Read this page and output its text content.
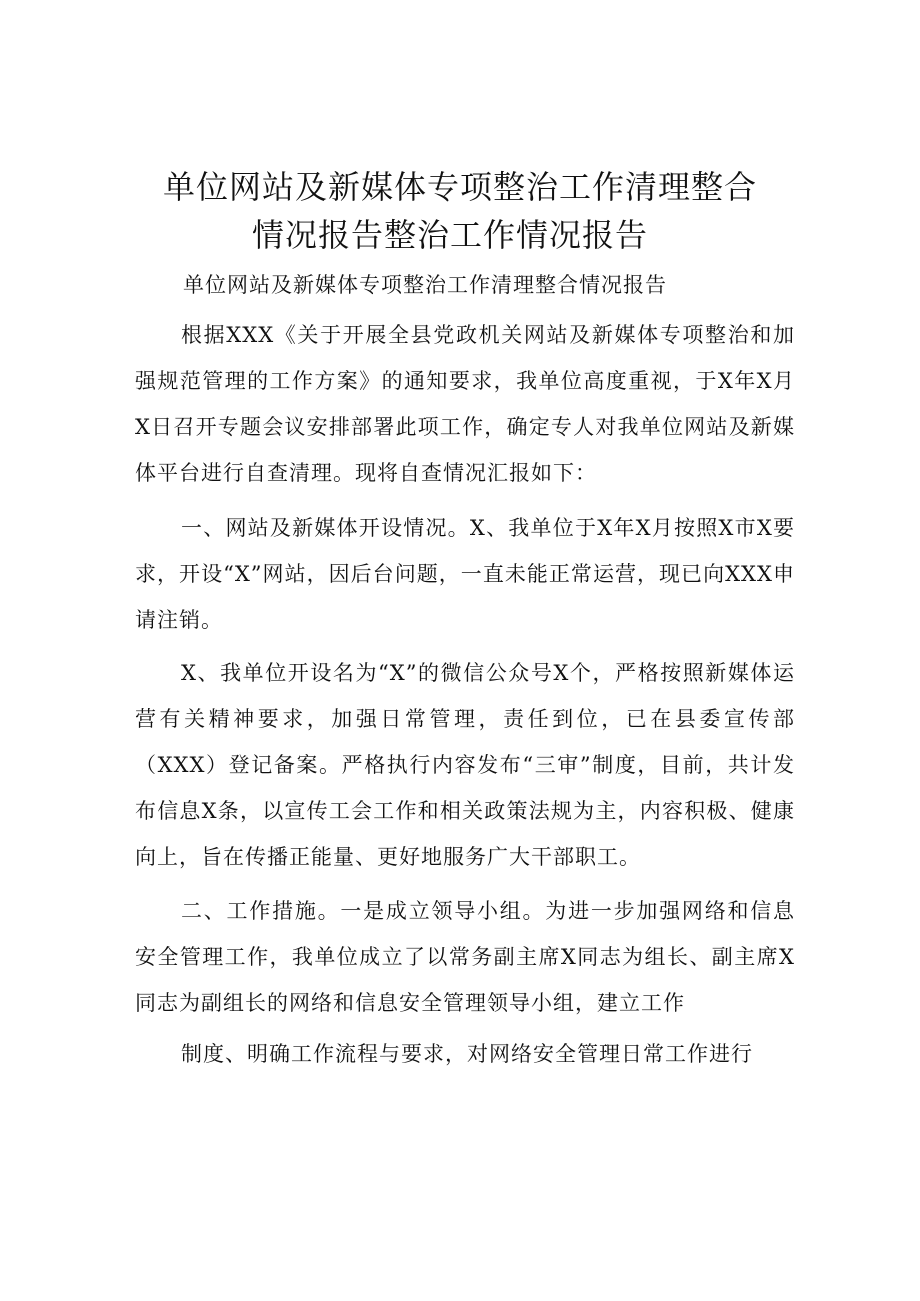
单位网站及新媒体专项整治工作清理整合
情况报告整治工作情况报告
单位网站及新媒体专项整治工作清理整合情况报告
根据XXX《关于开展全县党政机关网站及新媒体专项整治和加强规范管理的工作方案》的通知要求，我单位高度重视，于X年X月X日召开专题会议安排部署此项工作，确定专人对我单位网站及新媒体平台进行自查清理。现将自查情况汇报如下：
一、网站及新媒体开设情况。X、我单位于X年X月按照X市X要求，开设“X”网站，因后台问题，一直未能正常运营，现已向XXX申请注销。
X、我单位开设名为“X”的微信公众号X个，严格按照新媒体运营有关精神要求，加强日常管理，责任到位，已在县委宣传部（XXX）登记备案。严格执行内容发布“三审”制度，目前，共计发布信息X条，以宣传工会工作和相关政策法规为主，内容积极、健康向上，旨在传播正能量、更好地服务广大干部职工。
二、工作措施。一是成立领导小组。为进一步加强网络和信息安全管理工作，我单位成立了以常务副主席X同志为组长、副主席X同志为副组长的网络和信息安全管理领导小组，建立工作
制度、明确工作流程与要求，对网络安全管理日常工作进行
